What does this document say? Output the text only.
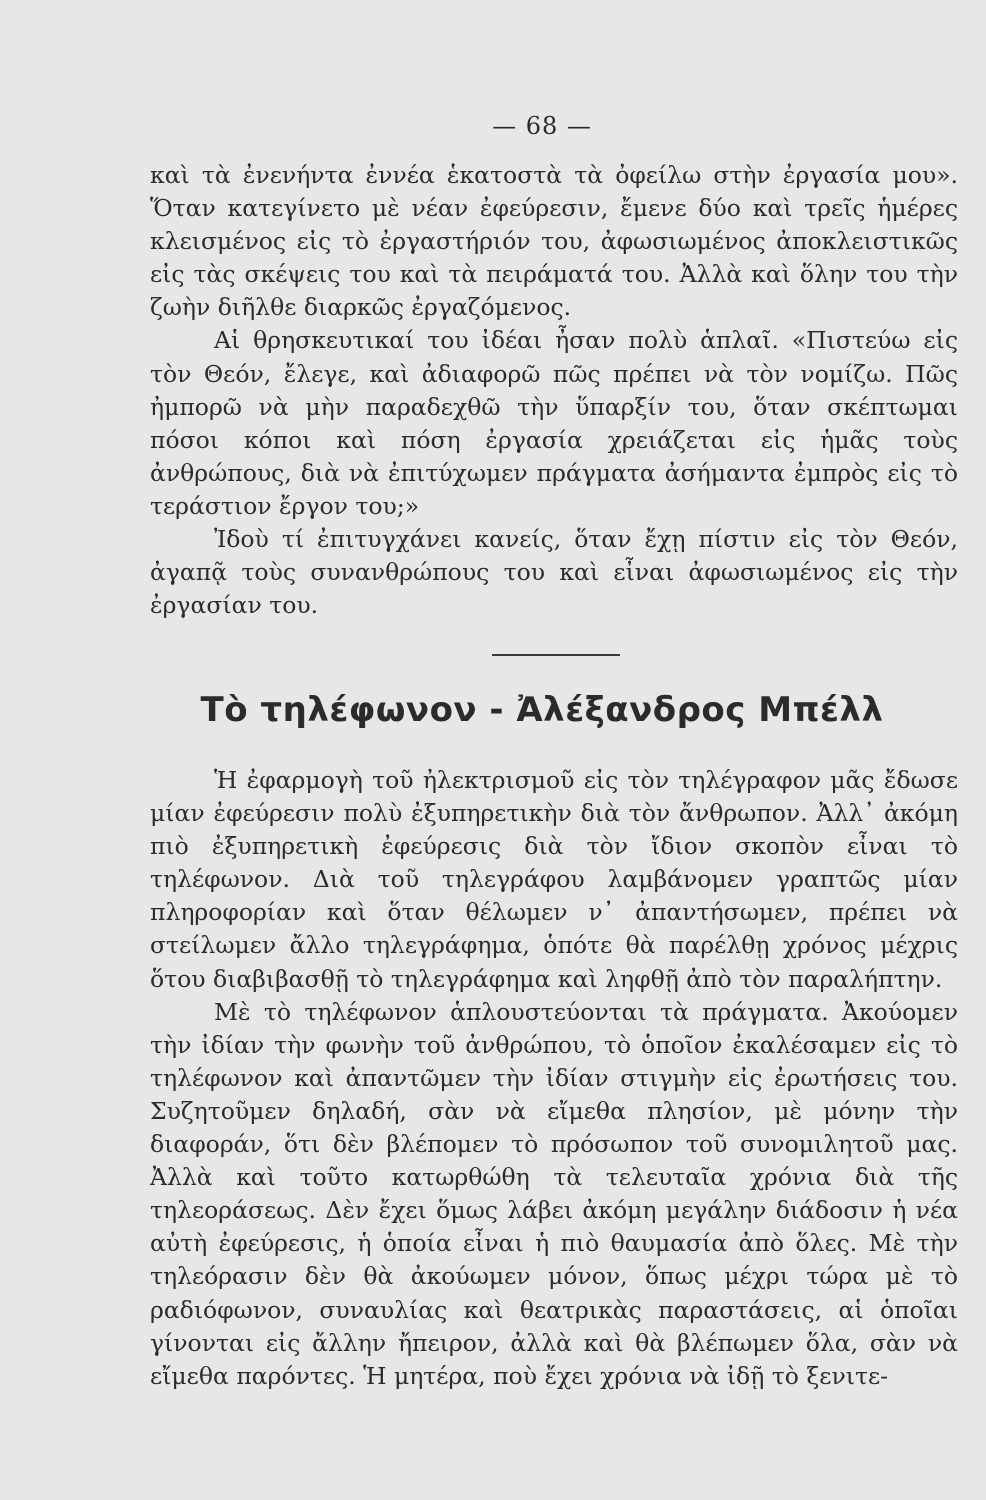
— 68 —

καὶ τὰ ἐνενήντα ἐννέα ἑκατοστὰ τὰ ὀφείλω στὴν ἐργασία μου». Ὅταν κατεγίνετο μὲ νέαν ἐφεύρεσιν, ἔμενε δύο καὶ τρεῖς ἡμέρες κλεισμένος εἰς τὸ ἐργαστήριόν του, ἀφωσιωμένος ἀποκλειστικῶς εἰς τὰς σκέψεις του καὶ τὰ πειράματά του. Ἀλλὰ καὶ ὅλην του τὴν ζωὴν διῆλθε διαρκῶς ἐργαζόμενος.

Αἱ θρησκευτικαί του ἰδέαι ἦσαν πολὺ ἁπλαῖ. «Πιστεύω εἰς τὸν Θεόν, ἔλεγε, καὶ ἀδιαφορῶ πῶς πρέπει νὰ τὸν νομίζω. Πῶς ἠμπορῶ νὰ μὴν παραδεχθῶ τὴν ὕπαρξίν του, ὅταν σκέπτωμαι πόσοι κόποι καὶ πόση ἐργασία χρειάζεται εἰς ἡμᾶς τοὺς ἀνθρώπους, διὰ νὰ ἐπιτύχωμεν πράγματα ἀσήμαντα ἐμπρὸς εἰς τὸ τεράστιον ἔργον του;»

Ἰδοὺ τί ἐπιτυγχάνει κανείς, ὅταν ἔχῃ πίστιν εἰς τὸν Θεόν, ἀγαπᾷ τοὺς συνανθρώπους του καὶ εἶναι ἀφωσιωμένος εἰς τὴν ἐργασίαν του.

Τὸ τηλέφωνον - Ἀλέξανδρος Μπέλλ

Ἡ ἐφαρμογὴ τοῦ ἠλεκτρισμοῦ εἰς τὸν τηλέγραφον μᾶς ἔδωσε μίαν ἐφεύρεσιν πολὺ ἐξυπηρετικὴν διὰ τὸν ἄνθρωπον. Ἀλλ᾽ ἀκόμη πιὸ ἐξυπηρετικὴ ἐφεύρεσις διὰ τὸν ἴδιον σκοπὸν εἶναι τὸ τηλέφωνον. Διὰ τοῦ τηλεγράφου λαμβάνομεν γραπτῶς μίαν πληροφορίαν καὶ ὅταν θέλωμεν ν᾽ ἀπαντήσωμεν, πρέπει νὰ στείλωμεν ἄλλο τηλεγράφημα, ὁπότε θὰ παρέλθῃ χρόνος μέχρις ὅτου διαβιβασθῇ τὸ τηλεγράφημα καὶ ληφθῇ ἀπὸ τὸν παραλήπτην.

Μὲ τὸ τηλέφωνον ἁπλουστεύονται τὰ πράγματα. Ἀκούομεν τὴν ἰδίαν τὴν φωνὴν τοῦ ἀνθρώπου, τὸ ὁποῖον ἐκαλέσαμεν εἰς τὸ τηλέφωνον καὶ ἀπαντῶμεν τὴν ἰδίαν στιγμὴν εἰς ἐρωτήσεις του. Συζητοῦμεν δηλαδή, σὰν νὰ εἴμεθα πλησίον, μὲ μόνην τὴν διαφοράν, ὅτι δὲν βλέπομεν τὸ πρόσωπον τοῦ συνομιλητοῦ μας. Ἀλλὰ καὶ τοῦτο κατωρθώθη τὰ τελευταῖα χρόνια διὰ τῆς τηλεοράσεως. Δὲν ἔχει ὅμως λάβει ἀκόμη μεγάλην διάδοσιν ἡ νέα αὐτὴ ἐφεύρεσις, ἡ ὁποία εἶναι ἡ πιὸ θαυμασία ἀπὸ ὅλες. Μὲ τὴν τηλεόρασιν δὲν θὰ ἀκούωμεν μόνον, ὅπως μέχρι τώρα μὲ τὸ ραδιόφωνον, συναυλίας καὶ θεατρικὰς παραστάσεις, αἱ ὁποῖαι γίνονται εἰς ἄλλην ἤπειρον, ἀλλὰ καὶ θὰ βλέπωμεν ὅλα, σὰν νὰ εἴμεθα παρόντες. Ἡ μητέρα, ποὺ ἔχει χρόνια νὰ ἰδῇ τὸ ξενιτε-
